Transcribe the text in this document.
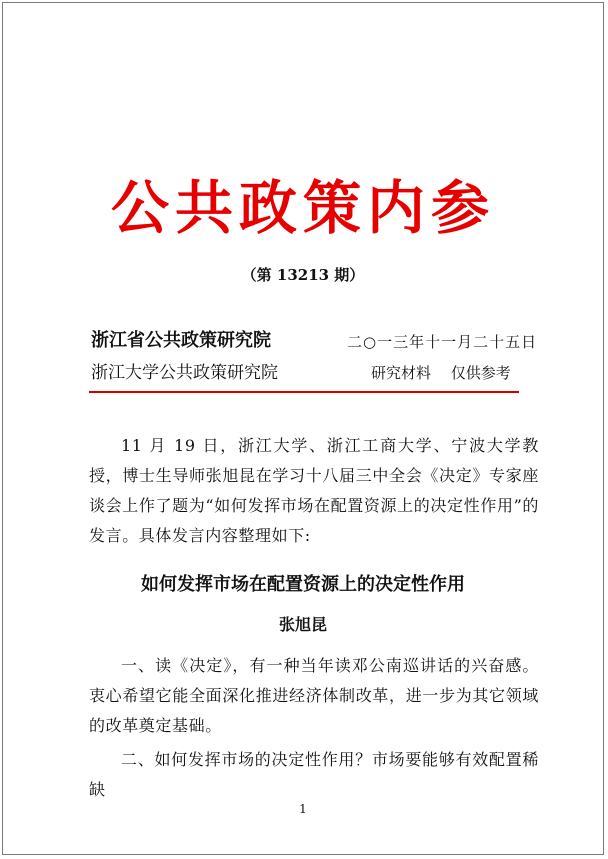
公共政策内参
（第 13213 期）
浙江省公共政策研究院	二○一三年十一月二十五日
浙江大学公共政策研究院	研究材料　 仅供参考
11 月 19 日，浙江大学、浙江工商大学、宁波大学教授，博士生导师张旭昆在学习十八届三中全会《决定》专家座谈会上作了题为“如何发挥市场在配置资源上的决定性作用”的发言。具体发言内容整理如下:
如何发挥市场在配置资源上的决定性作用
张旭昆
一、读《决定》，有一种当年读邓公南巡讲话的兴奋感。衷心希望它能全面深化推进经济体制改革，进一步为其它领域的改革奠定基础。
二、如何发挥市场的决定性作用？市场要能够有效配置稀缺
1
